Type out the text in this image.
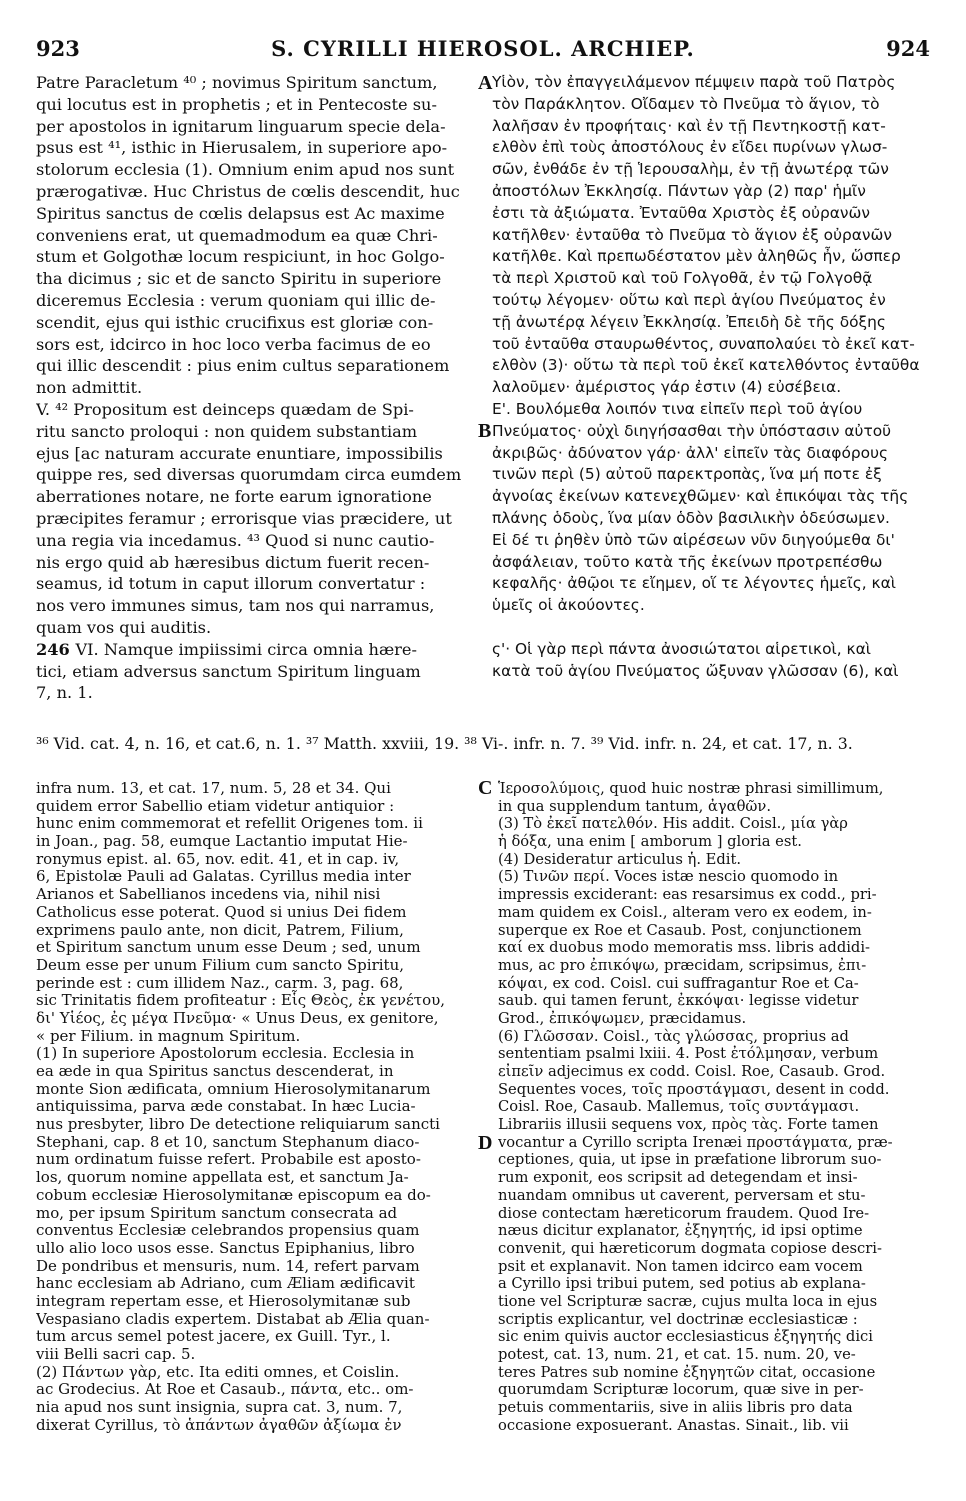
923	S. CYRILLI HIEROSOL. ARCHIEP.	924
Patre Paracletum ⁴⁰ ; novimus Spiritum sanctum,
qui locutus est in prophetis ; et in Pentecoste su-
per apostolos in ignitarum linguarum specie dela-
psus est ⁴¹, isthic in Hierusalem, in superiore apo-
stolorum ecclesia (1). Omnium enim apud nos sunt
prærogativæ. Huc Christus de cœlis descendit, huc
Spiritus sanctus de cœlis delapsus est Ac maxime
conveniens erat, ut quemadmodum ea quæ Chri-
stum et Golgothæ locum respiciunt, in hoc Golgo-
tha dicimus ; sic et de sancto Spiritu in superiore
diceremus Ecclesia : verum quoniam qui illic de-
scendit, ejus qui isthic crucifixus est gloriæ con-
sors est, idcirco in hoc loco verba facimus de eo
qui illic descendit : pius enim cultus separationem
non admittit.
V. ⁴² Propositum est deinceps quædam de Spi-
ritu sancto proloqui : non quidem substantiam
ejus [ac naturam accurate enuntiare, impossibilis
quippe res, sed diversas quorumdam circa eumdem
aberrationes notare, ne forte earum ignoratione
præcipites feramur ; errorisque vias præcidere, ut
una regia via incedamus. ⁴³ Quod si nunc cautio-
nis ergo quid ab hæresibus dictum fuerit recen-
seamus, id totum in caput illorum convertatur :
nos vero immunes simus, tam nos qui narramus,
quam vos qui auditis.
246 VI. Namque impiissimi circa omnia hære-
tici, etiam adversus sanctum Spiritum linguam
7, n. 1.
Υἱὸν, τὸν ἐπαγγειλάμενον πέμψειν παρὰ τοῦ Πατρὸς
τὸν Παράκλητον. Οἴδαμεν τὸ Πνεῦμα τὸ ἅγιον, τὸ
λαλῆσαν ἐν προφήταις· καὶ ἐν τῇ Πεντηκοστῇ κατ-
ελθὸν ἐπὶ τοὺς ἀποστόλους ἐν εἴδει πυρίνων γλωσ-
σῶν, ἐνθάδε ἐν τῇ Ἱερουσαλὴμ, ἐν τῇ ἀνωτέρᾳ τῶν
ἀποστόλων Ἐκκλησίᾳ. Πάντων γὰρ (2) παρ' ἡμῖν
ἐστι τὰ ἀξιώματα. Ἐνταῦθα Χριστὸς ἐξ οὐρανῶν
κατῆλθεν· ἐνταῦθα τὸ Πνεῦμα τὸ ἅγιον ἐξ οὐρανῶν
κατῆλθε. Καὶ πρεπωδέστατον μὲν ἀληθῶς ἦν, ὥσπερ
τὰ περὶ Χριστοῦ καὶ τοῦ Γολγοθᾶ, ἐν τῷ Γολγοθᾷ
τούτῳ λέγομεν· οὕτω καὶ περὶ ἁγίου Πνεύματος ἐν
τῇ ἀνωτέρᾳ λέγειν Ἐκκλησίᾳ. Ἐπειδὴ δὲ τῆς δόξης
τοῦ ἐνταῦθα σταυρωθέντος, συναπολαύει τὸ ἐκεῖ κατ-
ελθὸν (3)· οὕτω τὰ περὶ τοῦ ἐκεῖ κατελθόντος ἐνταῦθα
λαλοῦμεν· ἀμέριστος γάρ ἐστιν (4) εὐσέβεια.
Ε'. Βουλόμεθα λοιπόν τινα εἰπεῖν περὶ τοῦ ἁγίου
Πνεύματος· οὐχὶ διηγήσασθαι τὴν ὑπόστασιν αὐτοῦ
ἀκριβῶς· ἀδύνατον γάρ· ἀλλ' εἰπεῖν τὰς διαφόρους
τινῶν περὶ (5) αὐτοῦ παρεκτροπὰς, ἵνα μή ποτε ἐξ
ἀγνοίας ἐκείνων κατενεχθῶμεν· καὶ ἐπικόψαι τὰς τῆς
πλάνης ὁδοὺς, ἵνα μίαν ὁδὸν βασιλικὴν ὁδεύσωμεν.
Εἰ δέ τι ῥηθὲν ὑπὸ τῶν αἱρέσεων νῦν διηγούμεθα δι'
ἀσφάλειαν, τοῦτο κατὰ τῆς ἐκείνων προτρεπέσθω
κεφαλῆς· ἀθῷοι τε εἴημεν, οἵ τε λέγοντες ἡμεῖς, καὶ
ὑμεῖς οἱ ἀκούοντες.
ς'· Οἱ γὰρ περὶ πάντα ἀνοσιώτατοι αἱρετικοὶ, καὶ
κατὰ τοῦ ἁγίου Πνεύματος ὤξυναν γλῶσσαν (6), καὶ
A
B
C
D
³⁶ Vid. cat. 4, n. 16, et cat.6, n. 1. ³⁷ Matth. xxviii, 19. ³⁸ Vi-. infr. n. 7. ³⁹ Vid. infr. n. 24, et cat. 17, n. 3.
infra num. 13, et cat. 17, num. 5, 28 et 34. Qui
quidem error Sabellio etiam videtur antiquior :
hunc enim commemorat et refellit Origenes tom. ii
in Joan., pag. 58, eumque Lactantio imputat Hie-
ronymus epist. al. 65, nov. edit. 41, et in cap. iv,
6, Epistolæ Pauli ad Galatas. Cyrillus media inter
Arianos et Sabellianos incedens via, nihil nisi
Catholicus esse poterat. Quod si unius Dei fidem
exprimens paulo ante, non dicit, Patrem, Filium,
et Spiritum sanctum unum esse Deum ; sed, unum
Deum esse per unum Filium cum sancto Spiritu,
perinde est : cum illidem Naz., carm. 3, pag. 68,
sic Trinitatis fidem profiteatur : Εἷς Θεὸς, ἐκ γενέτου,
δι' Υἱέος, ἐς μέγα Πνεῦμα· « Unus Deus, ex genitore,
« per Filium. in magnum Spiritum.
(1) In superiore Apostolorum ecclesia. Ecclesia in
ea æde in qua Spiritus sanctus descenderat, in
monte Sion ædificata, omnium Hierosolymitanarum
antiquissima, parva æde constabat. In hæc Lucia-
nus presbyter, libro De detectione reliquiarum sancti
Stephani, cap. 8 et 10, sanctum Stephanum diaco-
num ordinatum fuisse refert. Probabile est aposto-
los, quorum nomine appellata est, et sanctum Ja-
cobum ecclesiæ Hierosolymitanæ episcopum ea do-
mo, per ipsum Spiritum sanctum consecrata ad
conventus Ecclesiæ celebrandos propensius quam
ullo alio loco usos esse. Sanctus Epiphanius, libro
De pondribus et mensuris, num. 14, refert parvam
hanc ecclesiam ab Adriano, cum Æliam ædificavit
integram repertam esse, et Hierosolymitanæ sub
Vespasiano cladis expertem. Distabat ab Ælia quan-
tum arcus semel potest jacere, ex Guill. Tyr., l.
viii Belli sacri cap. 5.
(2) Πάντων γὰρ, etc. Ita editi omnes, et Coislin.
ac Grodecius. At Roe et Casaub., πάντα, etc.. om-
nia apud nos sunt insignia, supra cat. 3, num. 7,
dixerat Cyrillus, τὸ ἁπάντων ἀγαθῶν ἀξίωμα ἐν
Ἱεροσολύμοις, quod huic nostræ phrasi simillimum,
in qua supplendum tantum, ἀγαθῶν.
(3) Τὸ ἐκεῖ πατελθόν. His addit. Coisl., μία γὰρ
ἡ δόξα, una enim [ amborum ] gloria est.
(4) Desideratur articulus ἡ. Edit.
(5) Τινῶν περί. Voces istæ nescio quomodo in
impressis exciderant: eas resarsimus ex codd., pri-
mam quidem ex Coisl., alteram vero ex eodem, in-
superque ex Roe et Casaub. Post, conjunctionem
καί ex duobus modo memoratis mss. libris addidi-
mus, ac pro ἐπικόψω, præcidam, scripsimus, ἐπι-
κόψαι, ex cod. Coisl. cui suffragantur Roe et Ca-
saub. qui tamen ferunt, ἐκκόψαι· legisse videtur
Grod., ἐπικόψωμεν, præcidamus.
(6) Γλῶσσαν. Coisl., τὰς γλώσσας, proprius ad
sententiam psalmi lxiii. 4. Post ἐτόλμησαν, verbum
εἰπεῖν adjecimus ex codd. Coisl. Roe, Casaub. Grod.
Sequentes voces, τοῖς προστάγμασι, desent in codd.
Coisl. Roe, Casaub. Mallemus, τοῖς συντάγμασι.
Librariis illusii sequens vox, πρὸς τὰς. Forte tamen
vocantur a Cyrillo scripta Irenæi προστάγματα, præ-
ceptiones, quia, ut ipse in præfatione librorum suo-
rum exponit, eos scripsit ad detegendam et insi-
nuandam omnibus ut caverent, perversam et stu-
diose contectam hæreticorum fraudem. Quod Ire-
næus dicitur explanator, ἐξηγητής, id ipsi optime
convenit, qui hæreticorum dogmata copiose descri-
psit et explanavit. Non tamen idcirco eam vocem
a Cyrillo ipsi tribui putem, sed potius ab explana-
tione vel Scripturæ sacræ, cujus multa loca in ejus
scriptis explicantur, vel doctrinæ ecclesiasticæ :
sic enim quivis auctor ecclesiasticus ἐξηγητής dici
potest, cat. 13, num. 21, et cat. 15. num. 20, ve-
teres Patres sub nomine ἐξηγητῶν citat, occasione
quorumdam Scripturæ locorum, quæ sive in per-
petuis commentariis, sive in aliis libris pro data
occasione exposuerant. Anastas. Sinait., lib. vii
